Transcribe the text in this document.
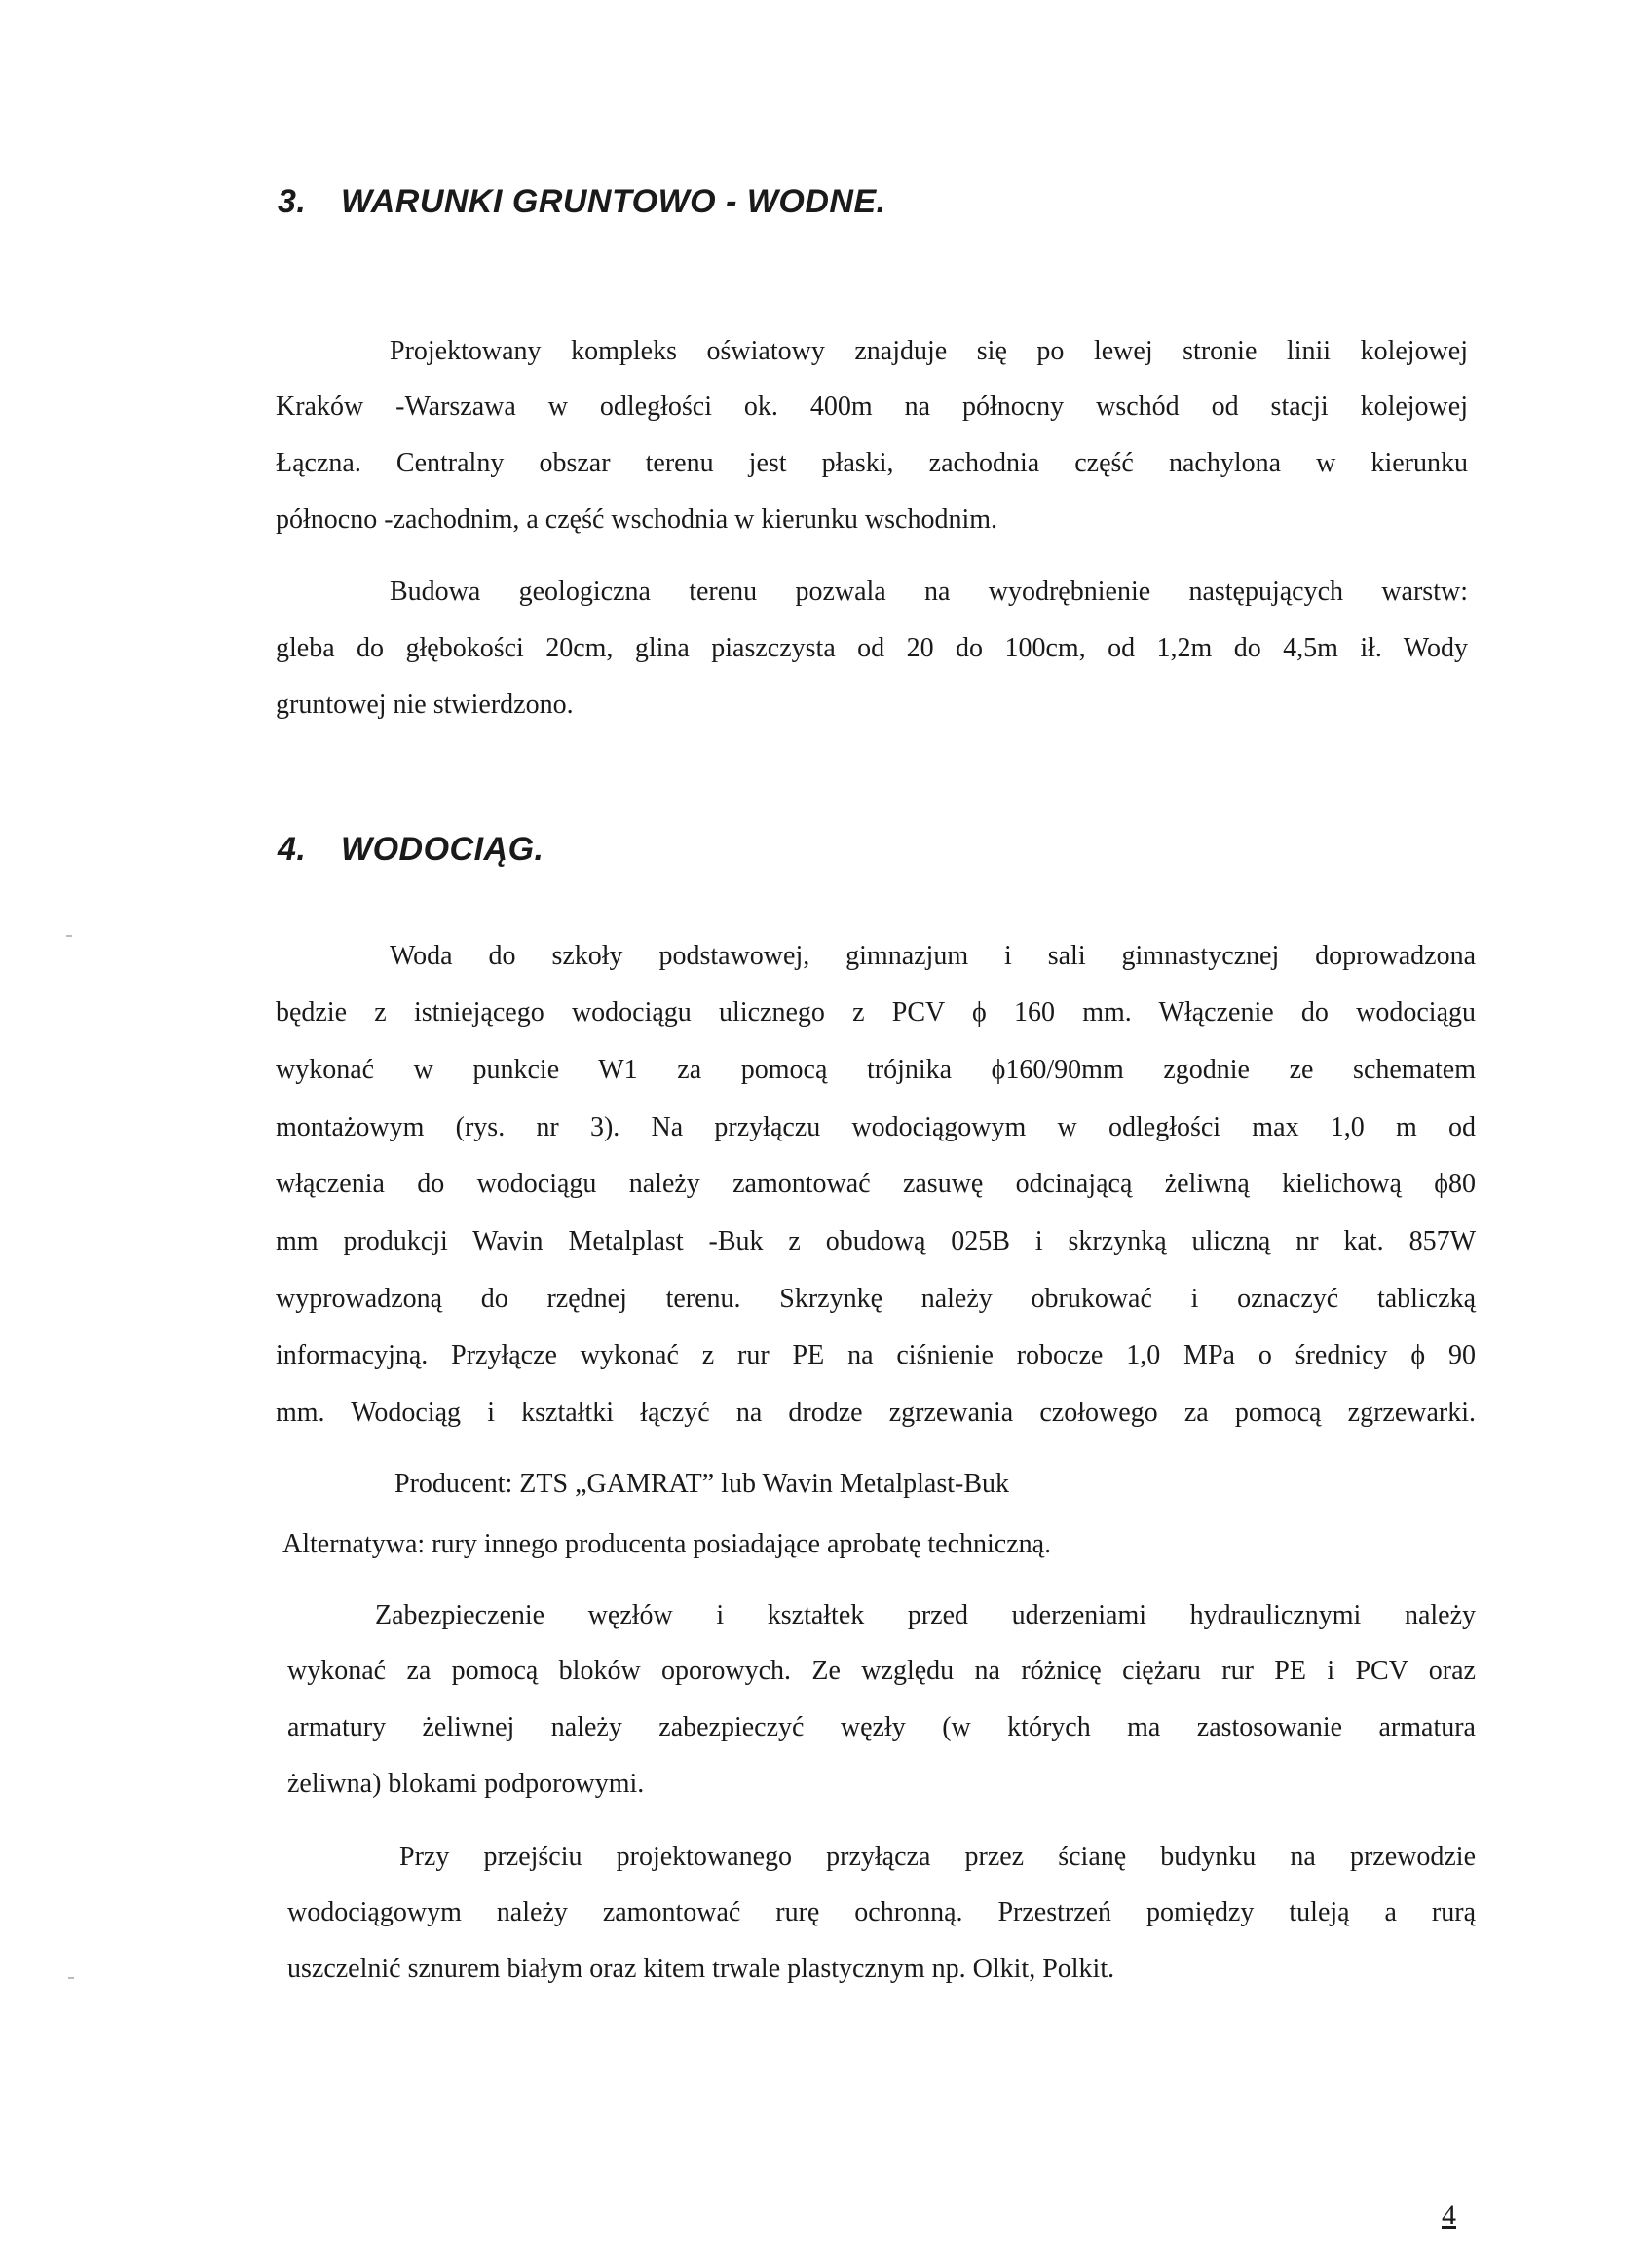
3. WARUNKI GRUNTOWO - WODNE.
Projektowany kompleks oświatowy znajduje się po lewej stronie linii kolejowej
Kraków -Warszawa w odległości ok. 400m na północny wschód od stacji kolejowej
Łączna. Centralny obszar terenu jest płaski, zachodnia część nachylona w kierunku
północno -zachodnim, a część wschodnia w kierunku wschodnim.
Budowa geologiczna terenu pozwala na wyodrębnienie następujących warstw:
gleba do głębokości 20cm, glina piaszczysta od 20 do 100cm, od 1,2m do 4,5m ił. Wody
gruntowej nie stwierdzono.
4. WODOCIĄG.
Woda do szkoły podstawowej, gimnazjum i sali gimnastycznej doprowadzona
będzie z istniejącego wodociągu ulicznego z PCV ϕ 160 mm. Włączenie do wodociągu
wykonać w punkcie W1 za pomocą trójnika ϕ160/90mm zgodnie ze schematem
montażowym (rys. nr 3). Na przyłączu wodociągowym w odległości max 1,0 m od
włączenia do wodociągu należy zamontować zasuwę odcinającą żeliwną kielichową ϕ80
mm produkcji Wavin Metalplast -Buk z obudową 025B i skrzynką uliczną nr kat. 857W
wyprowadzoną do rzędnej terenu. Skrzynkę należy obrukować i oznaczyć tabliczką
informacyjną. Przyłącze wykonać z rur PE na ciśnienie robocze 1,0 MPa o średnicy ϕ 90
mm. Wodociąg i kształtki łączyć na drodze zgrzewania czołowego za pomocą zgrzewarki.
Producent: ZTS „GAMRAT” lub Wavin Metalplast-Buk
Alternatywa: rury innego producenta posiadające aprobatę techniczną.
Zabezpieczenie węzłów i kształtek przed uderzeniami hydraulicznymi należy
wykonać za pomocą bloków oporowych. Ze względu na różnicę ciężaru rur PE i PCV oraz
armatury żeliwnej należy zabezpieczyć węzły (w których ma zastosowanie armatura
żeliwna) blokami podporowymi.
Przy przejściu projektowanego przyłącza przez ścianę budynku na przewodzie
wodociągowym należy zamontować rurę ochronną. Przestrzeń pomiędzy tuleją a rurą
uszczelnić sznurem białym oraz kitem trwale plastycznym np. Olkit, Polkit.
4
